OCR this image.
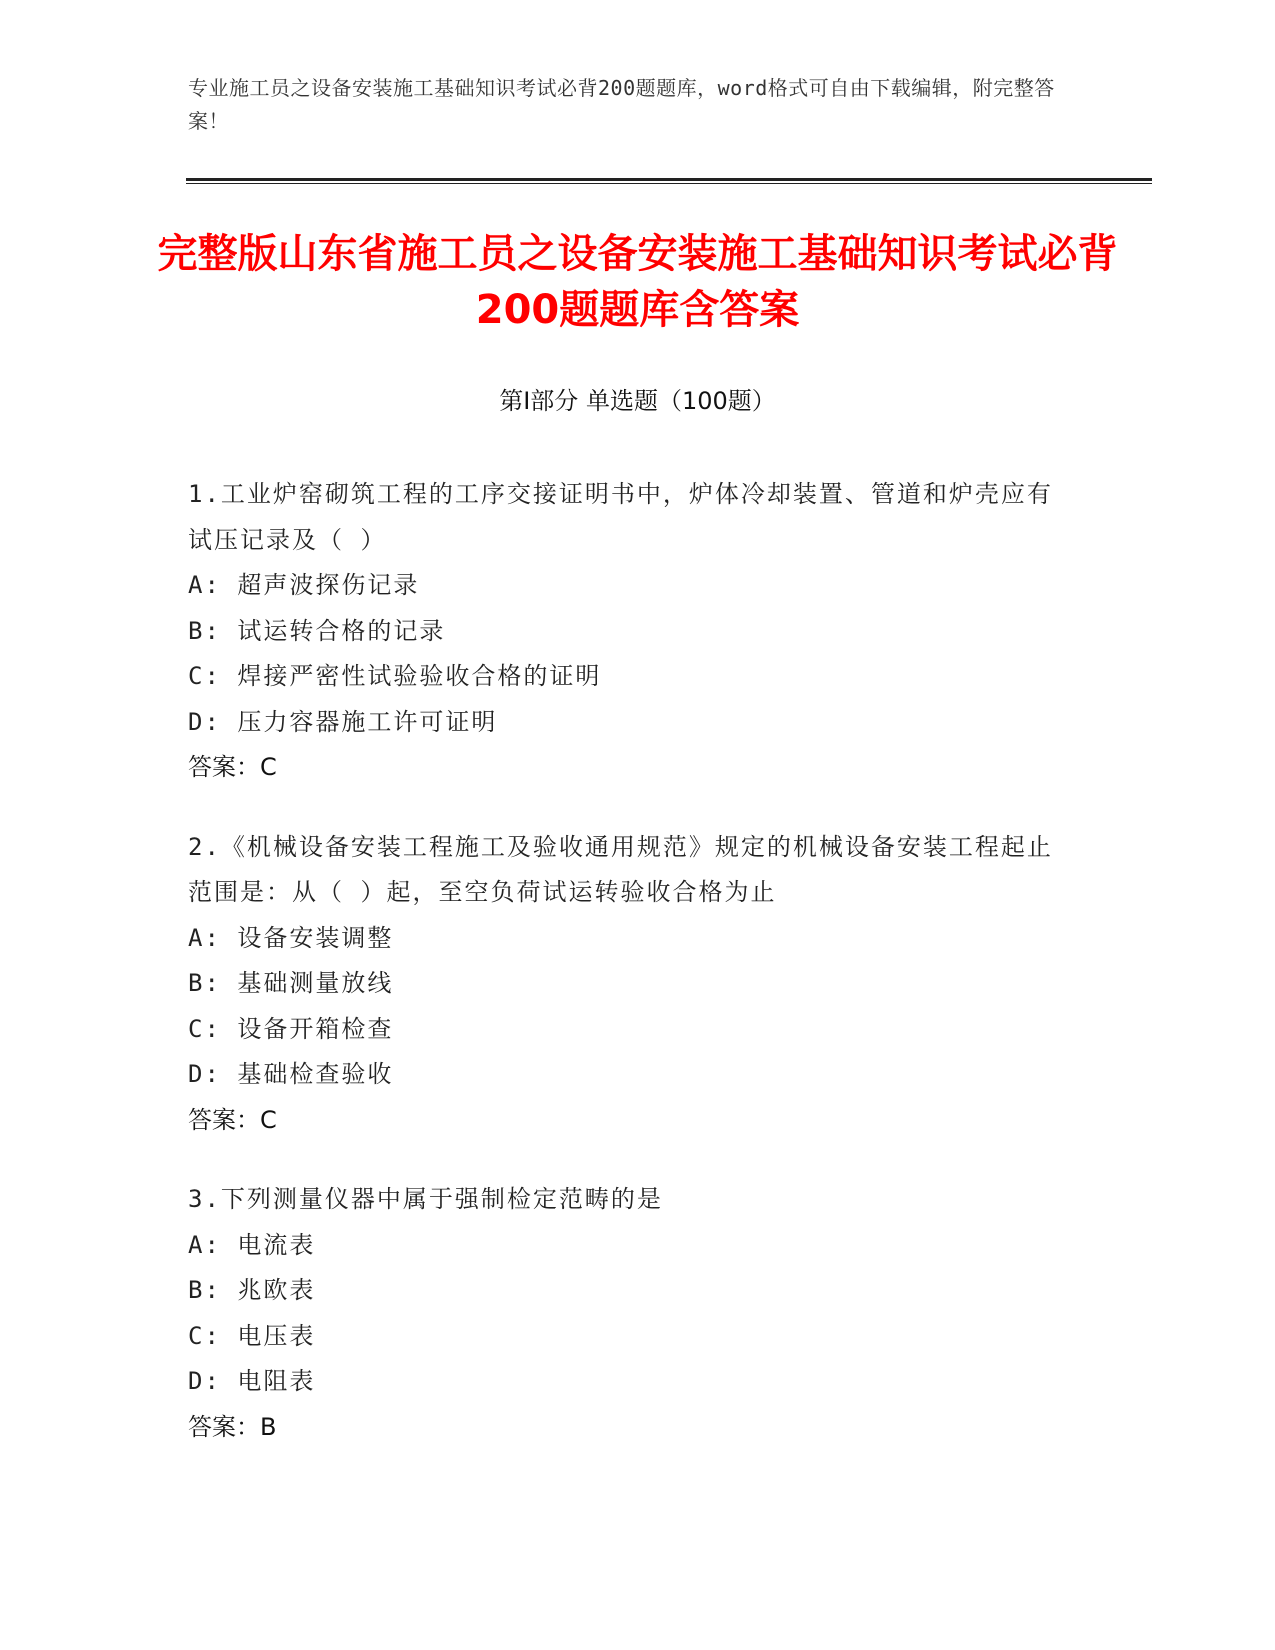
专业施工员之设备安装施工基础知识考试必背200题题库，word格式可自由下载编辑，附完整答案！
完整版山东省施工员之设备安装施工基础知识考试必背200题题库含答案
第Ⅰ部分 单选题（100题）
1.工业炉窑砌筑工程的工序交接证明书中，炉体冷却装置、管道和炉壳应有试压记录及（ ）
A: 超声波探伤记录
B: 试运转合格的记录
C: 焊接严密性试验验收合格的证明
D: 压力容器施工许可证明
答案：C
2.《机械设备安装工程施工及验收通用规范》规定的机械设备安装工程起止范围是：从（ ）起，至空负荷试运转验收合格为止
A: 设备安装调整
B: 基础测量放线
C: 设备开箱检查
D: 基础检查验收
答案：C
3.下列测量仪器中属于强制检定范畴的是
A: 电流表
B: 兆欧表
C: 电压表
D: 电阻表
答案：B
